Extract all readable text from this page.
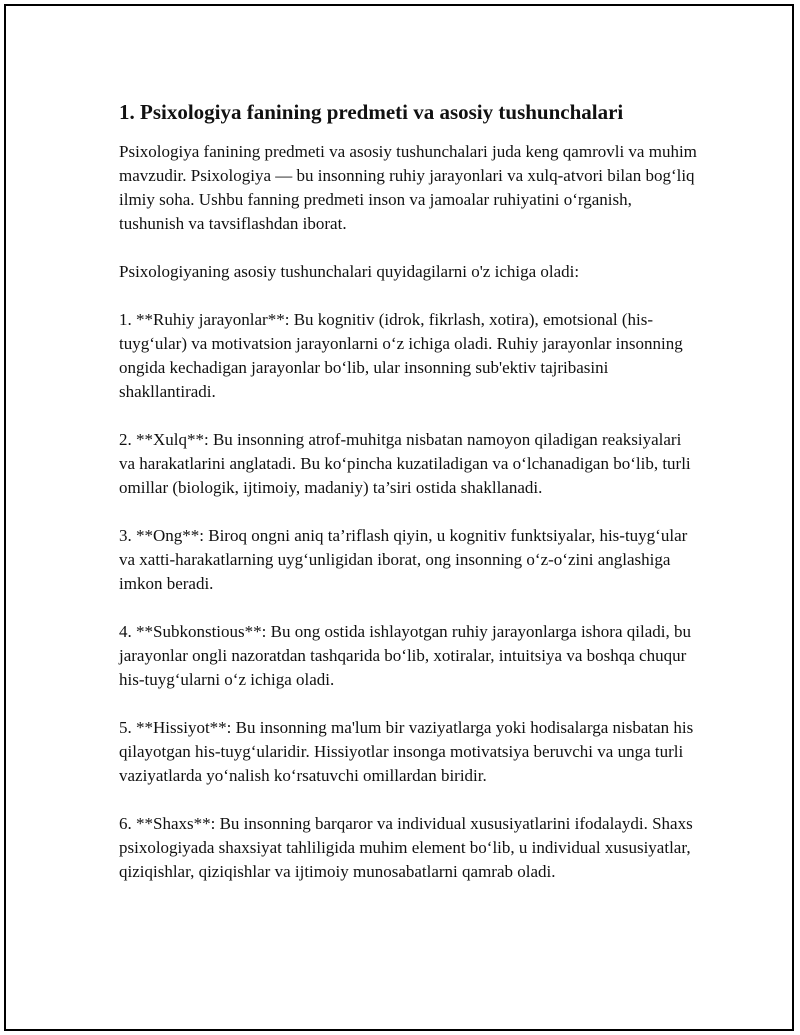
1. Psixologiya fanining predmeti va asosiy tushunchalari

Psixologiya fanining predmeti va asosiy tushunchalari juda keng qamrovli va muhim mavzudir. Psixologiya — bu insonning ruhiy jarayonlari va xulq-atvori bilan bog‘liq ilmiy soha. Ushbu fanning predmeti inson va jamoalar ruhiyatini o‘rganish, tushunish va tavsiflashdan iborat.

Psixologiyaning asosiy tushunchalari quyidagilarni o'z ichiga oladi:

1. **Ruhiy jarayonlar**: Bu kognitiv (idrok, fikrlash, xotira), emotsional (his-tuyg‘ular) va motivatsion jarayonlarni o‘z ichiga oladi. Ruhiy jarayonlar insonning ongida kechadigan jarayonlar bo‘lib, ular insonning sub'ektiv tajribasini shakllantiradi.

2. **Xulq**: Bu insonning atrof-muhitga nisbatan namoyon qiladigan reaksiyalari va harakatlarini anglatadi. Bu ko‘pincha kuzatiladigan va o‘lchanadigan bo‘lib, turli omillar (biologik, ijtimoiy, madaniy) ta’siri ostida shakllanadi.

3. **Ong**: Biroq ongni aniq ta’riflash qiyin, u kognitiv funktsiyalar, his-tuyg‘ular va xatti-harakatlarning uyg‘unligidan iborat, ong insonning o‘z-o‘zini anglashiga imkon beradi.

4. **Subkonstious**: Bu ong ostida ishlayotgan ruhiy jarayonlarga ishora qiladi, bu jarayonlar ongli nazoratdan tashqarida bo‘lib, xotiralar, intuitsiya va boshqa chuqur his-tuyg‘ularni o‘z ichiga oladi.

5. **Hissiyot**: Bu insonning ma'lum bir vaziyatlarga yoki hodisalarga nisbatan his qilayotgan his-tuyg‘ularidir. Hissiyotlar insonga motivatsiya beruvchi va unga turli vaziyatlarda yo‘nalish ko‘rsatuvchi omillardan biridir.

6. **Shaxs**: Bu insonning barqaror va individual xususiyatlarini ifodalaydi. Shaxs psixologiyada shaxsiyat tahliligida muhim element bo‘lib, u individual xususiyatlar, qiziqishlar, qiziqishlar va ijtimoiy munosabatlarni qamrab oladi.
